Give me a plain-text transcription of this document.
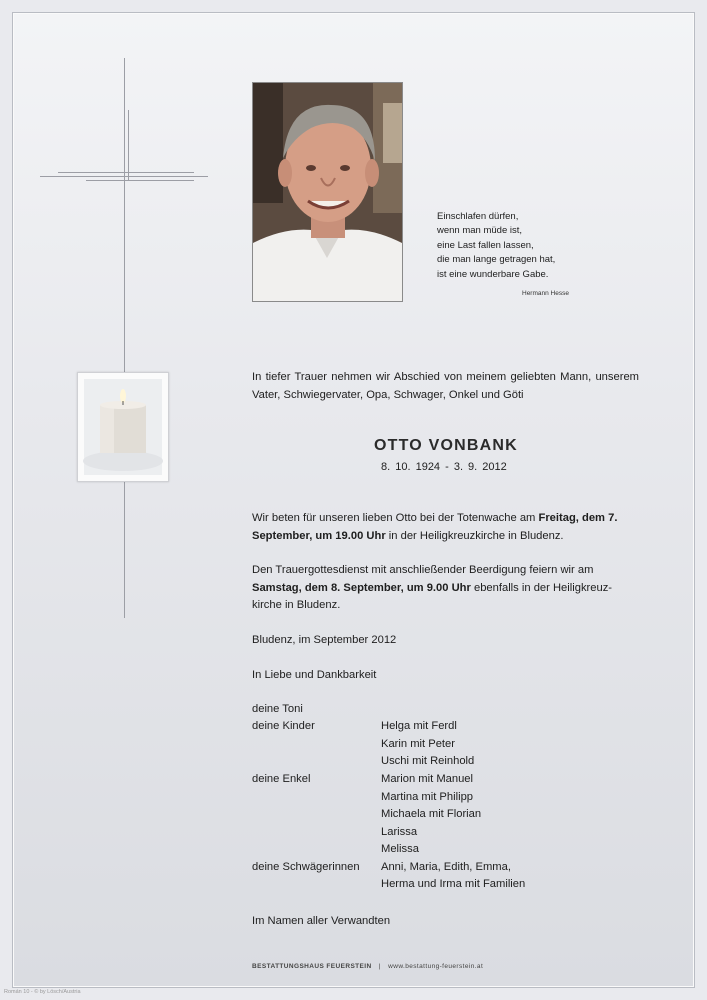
Einschlafen dürfen,
wenn man müde ist,
eine Last fallen lassen,
die man lange getragen hat,
ist eine wunderbare Gabe.
Hermann Hesse
In tiefer Trauer nehmen wir Abschied von meinem geliebten Mann, unserem Vater, Schwiegervater, Opa, Schwager, Onkel und Göti
OTTO VONBANK
8. 10. 1924 - 3. 9. 2012
Wir beten für unseren lieben Otto bei der Totenwache am Freitag, dem 7. September, um 19.00 Uhr in der Heiligkreuzkirche in Bludenz.
Den Trauergottesdienst mit anschließender Beerdigung feiern wir am Samstag, dem 8. September, um 9.00 Uhr ebenfalls in der Heiligkreuz-kirche in Bludenz.
Bludenz, im September 2012
In Liebe und Dankbarkeit
deine Toni
deine Kinder	Helga mit Ferdl
Karin mit Peter
Uschi mit Reinhold
deine Enkel	Marion mit Manuel
Martina mit Philipp
Michaela mit Florian
Larissa
Melissa
deine Schwägerinnen Anni, Maria, Edith, Emma,
Herma und Irma mit Familien
Im Namen aller Verwandten
BESTATTUNGSHAUS FEUERSTEIN | www.bestattung-feuerstein.at
Román 10 - © by Lösch/Austria
